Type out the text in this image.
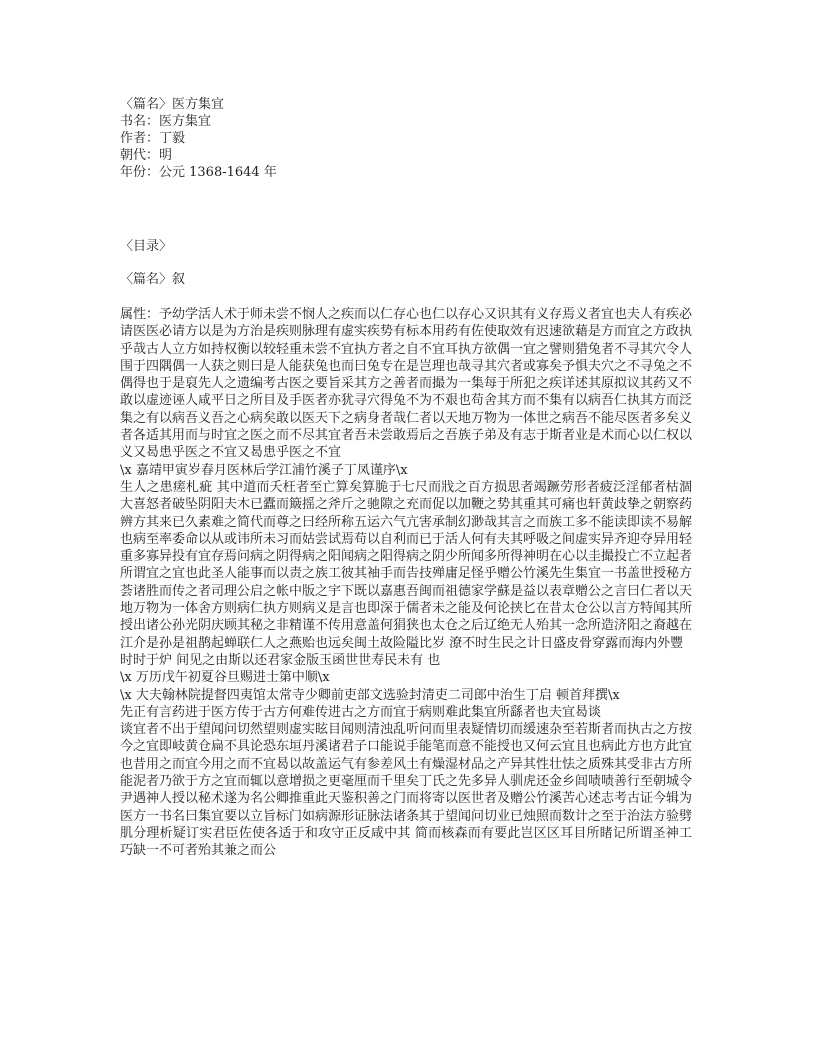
〈篇名〉医方集宜
书名：医方集宜
作者：丁毅
朝代：明
年份：公元 1368-1644 年
〈目录〉
〈篇名〉叙

属性：予幼学活人术于师未尝不悯人之疾而以仁存心也仁以存心又识其有义存焉义者宜也夫人有疾必请医医必请方以是为方治是疾则脉理有虚实疾势有标本用药有佐使取效有迟速欲藉是方而宜之方政执乎哉古人立方如持权衡以较轻重未尝不宜执方者之自不宜耳执方欲偶一宜之譬则猎兔者不寻其穴令人围于四隅偶一人获之则曰是人能获兔也而曰兔专在是岂理也哉寻其穴者或寡矣予惧夫穴之不寻兔之不偶得也于是裒先人之遗编考古医之要旨采其方之善者而撮为一集每于所犯之疾详述其原拟议其药又不敢以虚迹诬人咸平日之所目及手医者亦犹寻穴得兔不为不艰也苟舍其方而不集有以病吾仁执其方而泛集之有以病吾义吾之心病矣敢以医天下之病身者哉仁者以天地万物为一体世之病吾不能尽医者多矣义者各适其用而与时宜之医之而不尽其宜者吾未尝敢焉后之吾族子弟及有志于斯者业是术而心以仁权以义又曷患乎医之不宜又曷患乎医之不宜

\x 嘉靖甲寅岁春月医林后学江浦竹溪子丁凤谨序\x

生人之患瘥札疵 其中道而夭枉者至亡算矣算脆于七尺而戕之百方损思者竭蹶劳形者疲泛淫郁者枯涸大喜怒者破坠阴阳夫木已蠹而簸摇之斧斤之驰隙之充而促以加鞭之势其重其可痛也轩黄歧挚之朝察药辨方其来已久素难之简代而尊之曰经所称五运六气亢害承制幻渺哉其言之而族工多不能读即读不易解也病至率委命以从或讳所未习而姑尝试焉苟以自利而已于活人何有夫其呼吸之间虚实异齐迎夺异用轻重多寡异投有宜存焉问病之阴得病之阳闻病之阳得病之阴少所闻多所得神明在心以圭撮投亡不立起者所谓宜之宜也此圣人能事而以责之族工彼其袖手而告技殚庸足怪乎赠公竹溪先生集宜一书盖世授秘方荟诸胜而传之者司理公启之帐中版之宇下既以嘉惠吾闽而祖德家学蘇是益以表章赠公之言曰仁者以天地万物为一体舍方则病仁执方则病义是言也即深于儒者未之能及何论挟匕在昔太仓公以言方特闻其所授出诸公孙光阴庆顾其秘之非精谨不传用意盖何狷狭也太仓之后辽绝无人殆其一念所造济阳之裔越在江介是孙是祖鹊起蝉联仁人之燕贻也远矣闽土故险隘比岁 潦不时生民之计日盛皮骨穿露而海内外豐

时时于炉 间见之由斯以还君家金版玉函世世寿民未有 也

\x 万历戊午初夏谷旦赐进士第中顺\x

\x 大夫翰林院提督四夷馆太常寺少卿前吏部文选验封清吏二司郎中治生丁启 顿首拜撰\x

先正有言药进于医方传于古方何难传进古之方而宜于病则难此集宜所繇者也夫宜曷谈

谈宜者不出于望闻问切然望则虚实眩目闻则清浊乱听问而里表疑情切而缓速杂至若斯者而执古之方按今之宜即岐黄仓扁不具论恐东垣丹溪诸君子口能说手能笔而意不能授也又何云宜且也病此方也方此宜也昔用之而宜今用之而不宜曷以故盖运气有参差风土有燥湿材品之产异其性壮怯之质殊其受非古方所能泥者乃欲于方之宜而辄以意增损之更毫厘而千里矣丁氏之先多异人驯虎还金乡闾啧啧善行至朝城令尹遇神人授以秘术遂为名公卿推重此天鉴积善之门而将寄以医世者及赠公竹溪苦心述志考古证今辑为医方一书名曰集宜要以立旨标门如病源形证脉法诸条其于望闻问切业已烛照而数计之至于治法方验劈肌分理析疑订实君臣佐使各适于和攻守正反咸中其 简而核森而有要此岂区区耳目所睹记所谓圣神工巧缺一不可者殆其兼之而公
